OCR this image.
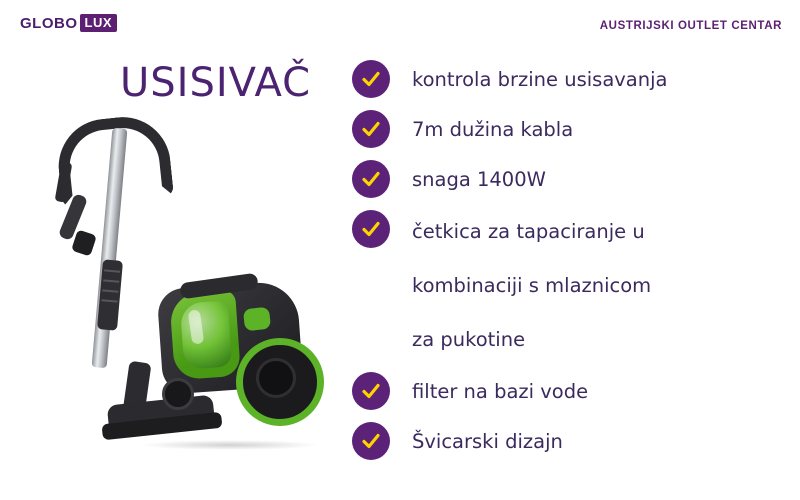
GLOBO LUX	AUSTRIJSKI OUTLET CENTAR
USISIVAČ	kontrola brzine usisavanja
7m dužina kabla
snaga 1400W
četkica za tapaciranje u
kombinaciji s mlaznicom
za pukotine
filter na bazi vode
Švicarski dizajn
